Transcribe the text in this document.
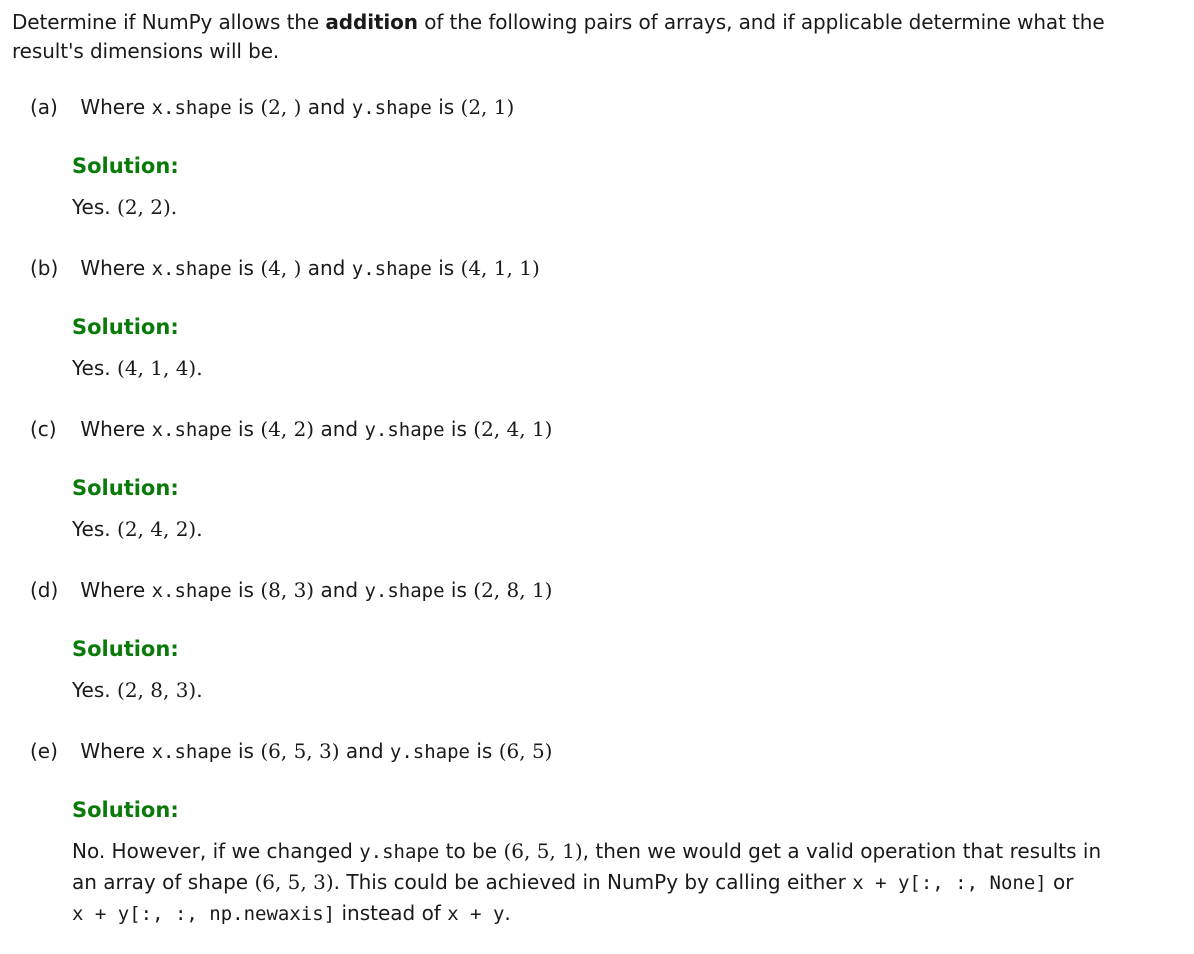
Determine if NumPy allows the addition of the following pairs of arrays, and if applicable determine what the result's dimensions will be.

(a) Where x.shape is (2, ) and y.shape is (2, 1)

Solution:

Yes. (2, 2).

(b) Where x.shape is (4, ) and y.shape is (4, 1, 1)

Solution:

Yes. (4, 1, 4).

(c) Where x.shape is (4, 2) and y.shape is (2, 4, 1)

Solution:

Yes. (2, 4, 2).

(d) Where x.shape is (8, 3) and y.shape is (2, 8, 1)

Solution:

Yes. (2, 8, 3).

(e) Where x.shape is (6, 5, 3) and y.shape is (6, 5)

Solution:

No. However, if we changed y.shape to be (6, 5, 1), then we would get a valid operation that results in an array of shape (6, 5, 3). This could be achieved in NumPy by calling either x + y[:, :, None] or x + y[:, :, np.newaxis] instead of x + y.
